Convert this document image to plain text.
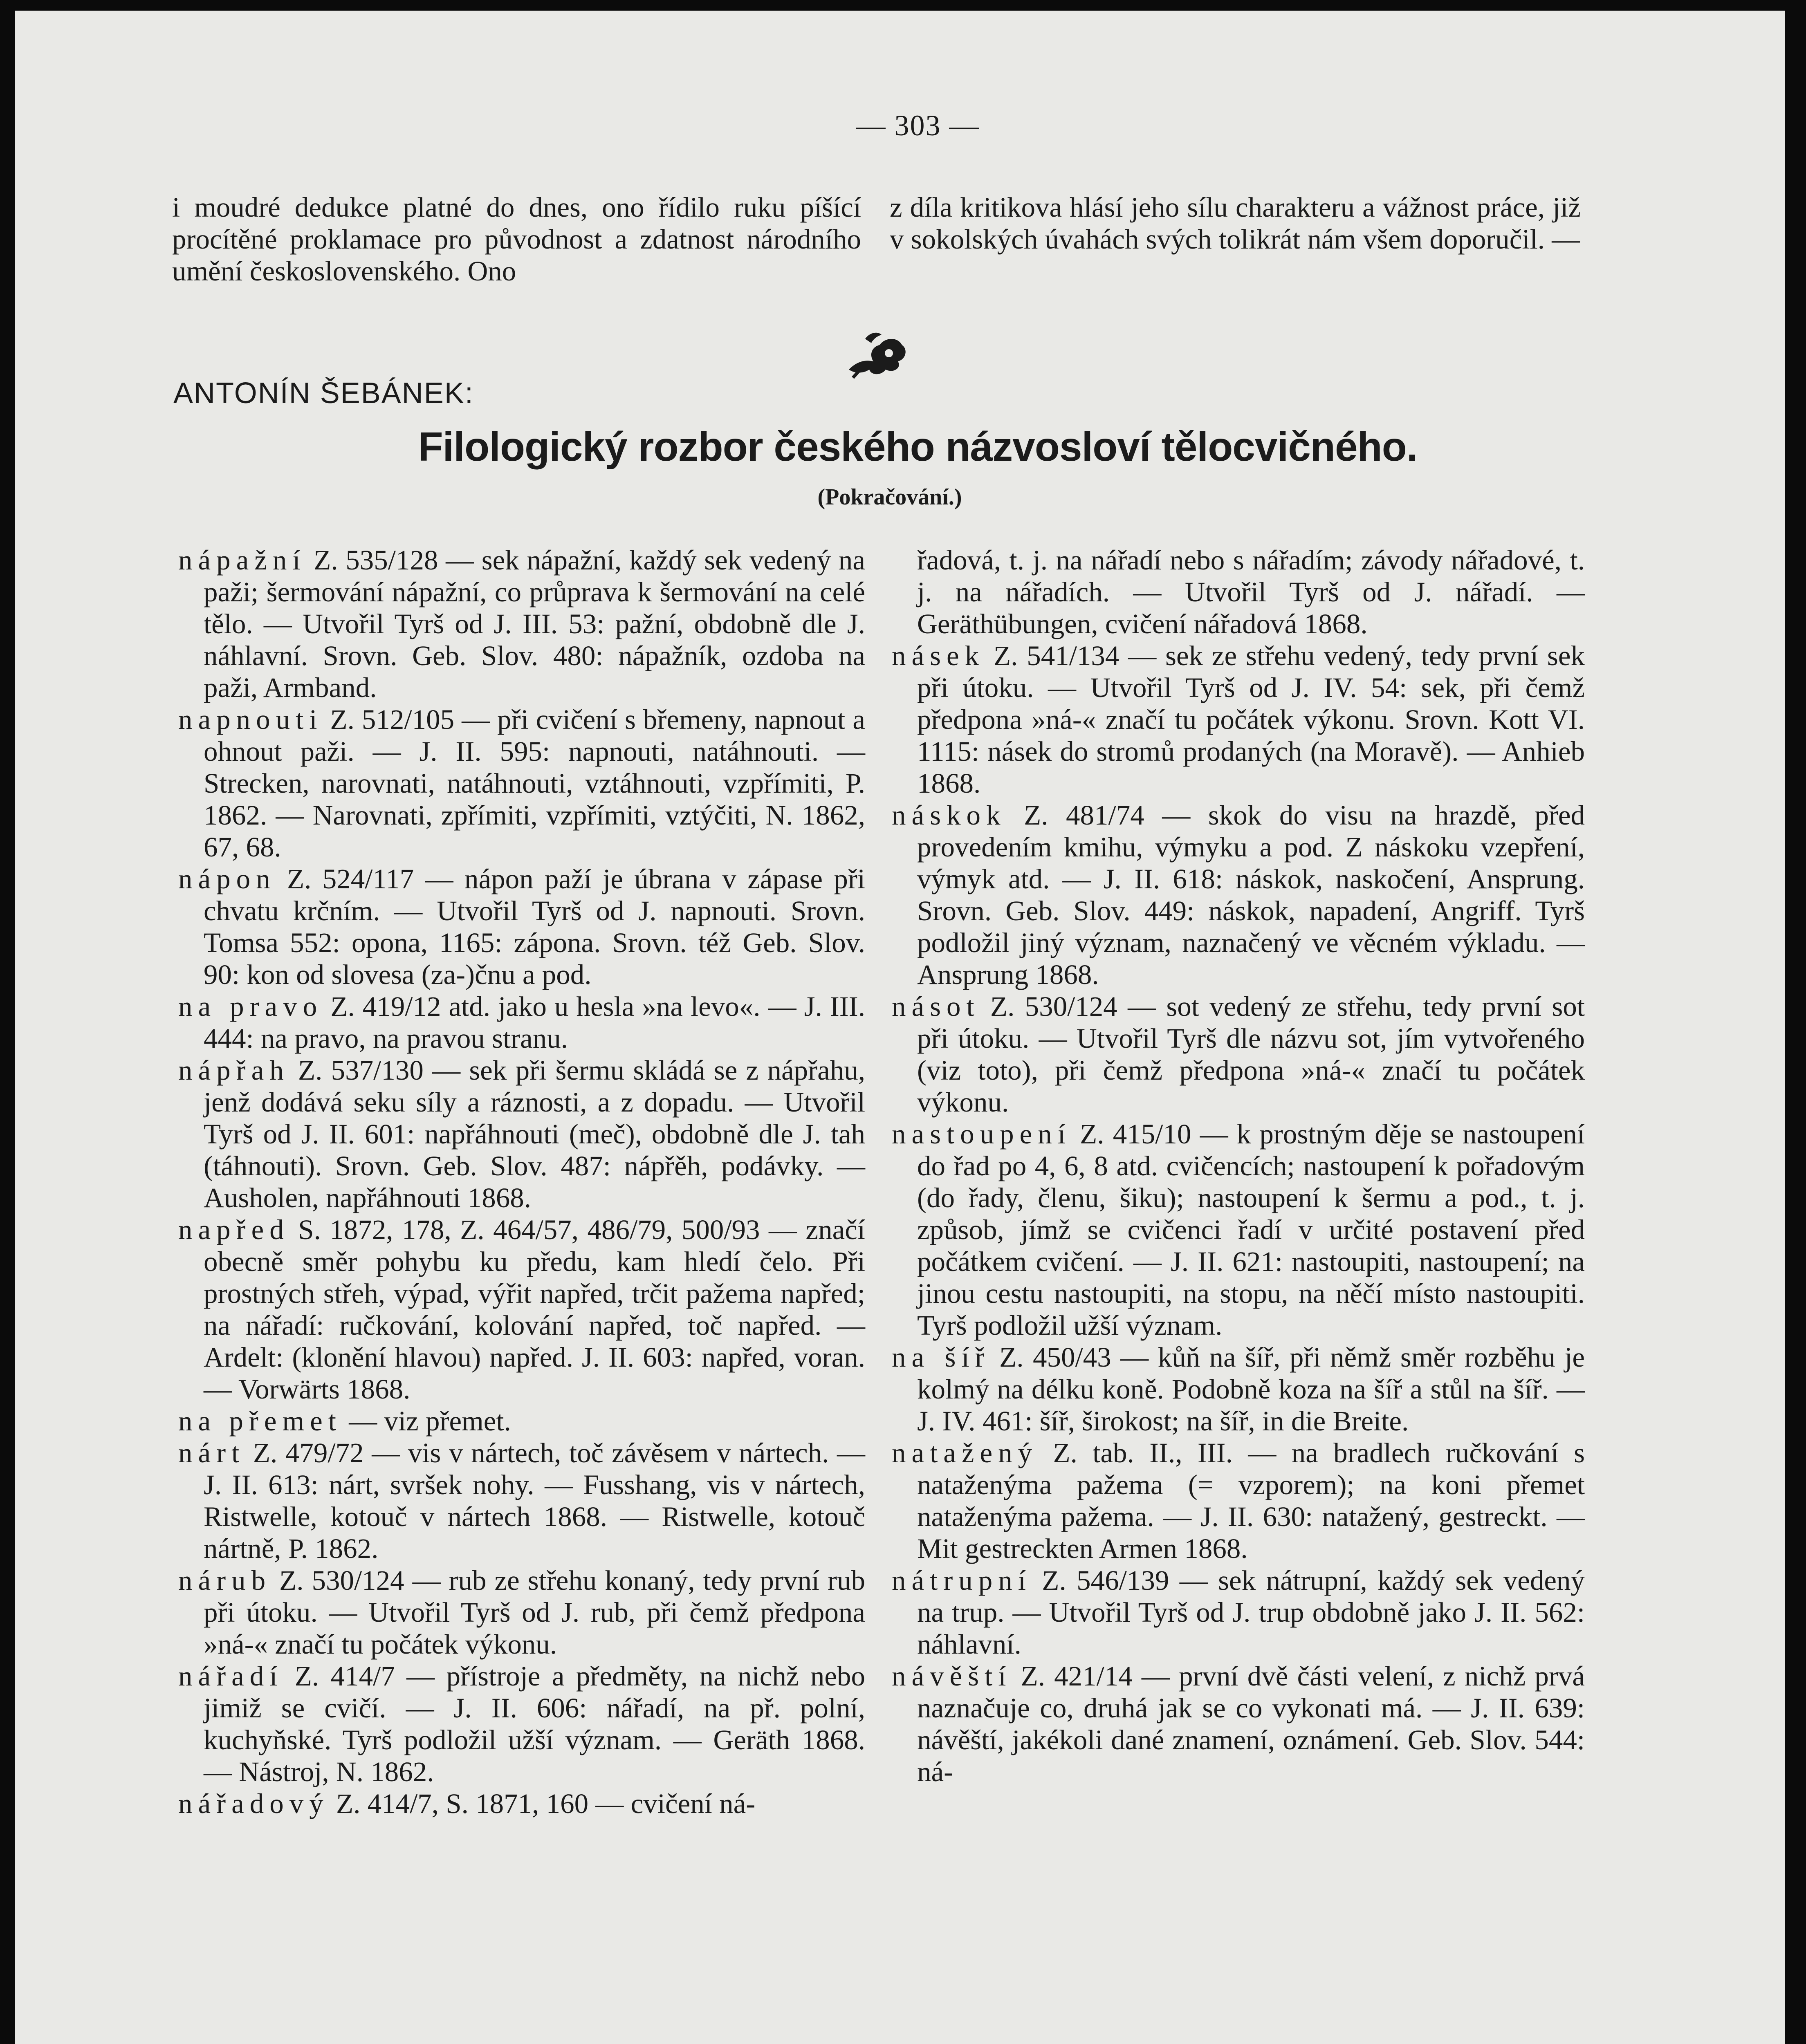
— 303 —

i moudré dedukce platné do dnes, ono řídilo ruku píšící procítěné proklamace pro původnost a zdatnost národního umění československého. Ono

z díla kritikova hlásí jeho sílu charakteru a vážnost práce, již v sokolských úvahách svých tolikrát nám všem doporučil. —

ANTONÍN ŠEBÁNEK:
Filologický rozbor českého názvosloví tělocvičného.
(Pokračování.)

nápažní Z. 535/128 — sek nápažní, každý sek vedený na paži; šermování nápažní, co průprava k šermování na celé tělo. — Utvořil Tyrš od J. III. 53: pažní, obdobně dle J. náhlavní. Srovn. Geb. Slov. 480: nápažník, ozdoba na paži, Armband.

napnouti Z. 512/105 — při cvičení s břemeny, napnout a ohnout paži. — J. II. 595: napnouti, natáhnouti. — Strecken, narovnati, natáhnouti, vztáhnouti, vzpřímiti, P. 1862. — Narovnati, zpřímiti, vzpřímiti, vztýčiti, N. 1862, 67, 68.

nápon Z. 524/117 — nápon paží je úbrana v zápase při chvatu krčním. — Utvořil Tyrš od J. napnouti. Srovn. Tomsa 552: opona, 1165: zápona. Srovn. též Geb. Slov. 90: kon od slovesa (za-)čnu a pod.

na pravo Z. 419/12 atd. jako u hesla »na levo«. — J. III. 444: na pravo, na pravou stranu.

nápřah Z. 537/130 — sek při šermu skládá se z nápřahu, jenž dodává seku síly a ráznosti, a z dopadu. — Utvořil Tyrš od J. II. 601: napřáhnouti (meč), obdobně dle J. tah (táhnouti). Srovn. Geb. Slov. 487: nápřěh, podávky. — Ausholen, napřáhnouti 1868.

napřed S. 1872, 178, Z. 464/57, 486/79, 500/93 — značí obecně směr pohybu ku předu, kam hledí čelo. Při prostných střeh, výpad, výřit napřed, trčit pažema napřed; na nářadí: ručkování, kolování napřed, toč napřed. — Ardelt: (klonění hlavou) napřed. J. II. 603: napřed, voran. — Vorwärts 1868.

na přemet — viz přemet.

nárt Z. 479/72 — vis v nártech, toč závěsem v nártech. — J. II. 613: nárt, svršek nohy. — Fusshang, vis v nártech, Ristwelle, kotouč v nártech 1868. — Ristwelle, kotouč nártně, P. 1862.

nárub Z. 530/124 — rub ze střehu konaný, tedy první rub při útoku. — Utvořil Tyrš od J. rub, při čemž předpona »ná-« značí tu počátek výkonu.

nářadí Z. 414/7 — přístroje a předměty, na nichž nebo jimiž se cvičí. — J. II. 606: nářadí, na př. polní, kuchyňské. Tyrš podložil užší význam. — Geräth 1868. — Nástroj, N. 1862.

nářadový Z. 414/7, S. 1871, 160 — cvičení ná-

řadová, t. j. na nářadí nebo s nářadím; závody nářadové, t. j. na nářadích. — Utvořil Tyrš od J. nářadí. — Geräthübungen, cvičení nářadová 1868.

násek Z. 541/134 — sek ze střehu vedený, tedy první sek při útoku. — Utvořil Tyrš od J. IV. 54: sek, při čemž předpona »ná-« značí tu počátek výkonu. Srovn. Kott VI. 1115: násek do stromů prodaných (na Moravě). — Anhieb 1868.

náskok Z. 481/74 — skok do visu na hrazdě, před provedením kmihu, výmyku a pod. Z náskoku vzepření, výmyk atd. — J. II. 618: náskok, naskočení, Ansprung. Srovn. Geb. Slov. 449: náskok, napadení, Angriff. Tyrš podložil jiný význam, naznačený ve věcném výkladu. — Ansprung 1868.

násot Z. 530/124 — sot vedený ze střehu, tedy první sot při útoku. — Utvořil Tyrš dle názvu sot, jím vytvořeného (viz toto), při čemž předpona »ná-« značí tu počátek výkonu.

nastoupení Z. 415/10 — k prostným děje se nastoupení do řad po 4, 6, 8 atd. cvičencích; nastoupení k pořadovým (do řady, členu, šiku); nastoupení k šermu a pod., t. j. způsob, jímž se cvičenci řadí v určité postavení před počátkem cvičení. — J. II. 621: nastoupiti, nastoupení; na jinou cestu nastoupiti, na stopu, na něčí místo nastoupiti. Tyrš podložil užší význam.

na šíř Z. 450/43 — kůň na šíř, při němž směr rozběhu je kolmý na délku koně. Podobně koza na šíř a stůl na šíř. — J. IV. 461: šíř, širokost; na šíř, in die Breite.

natažený Z. tab. II., III. — na bradlech ručkování s nataženýma pažema (= vzporem); na koni přemet nataženýma pažema. — J. II. 630: natažený, gestreckt. — Mit gestreckten Armen 1868.

nátrupní Z. 546/139 — sek nátrupní, každý sek vedený na trup. — Utvořil Tyrš od J. trup obdobně jako J. II. 562: náhlavní.

návěští Z. 421/14 — první dvě části velení, z nichž prvá naznačuje co, druhá jak se co vykonati má. — J. II. 639: návěští, jakékoli dané znamení, oznámení. Geb. Slov. 544: ná-
